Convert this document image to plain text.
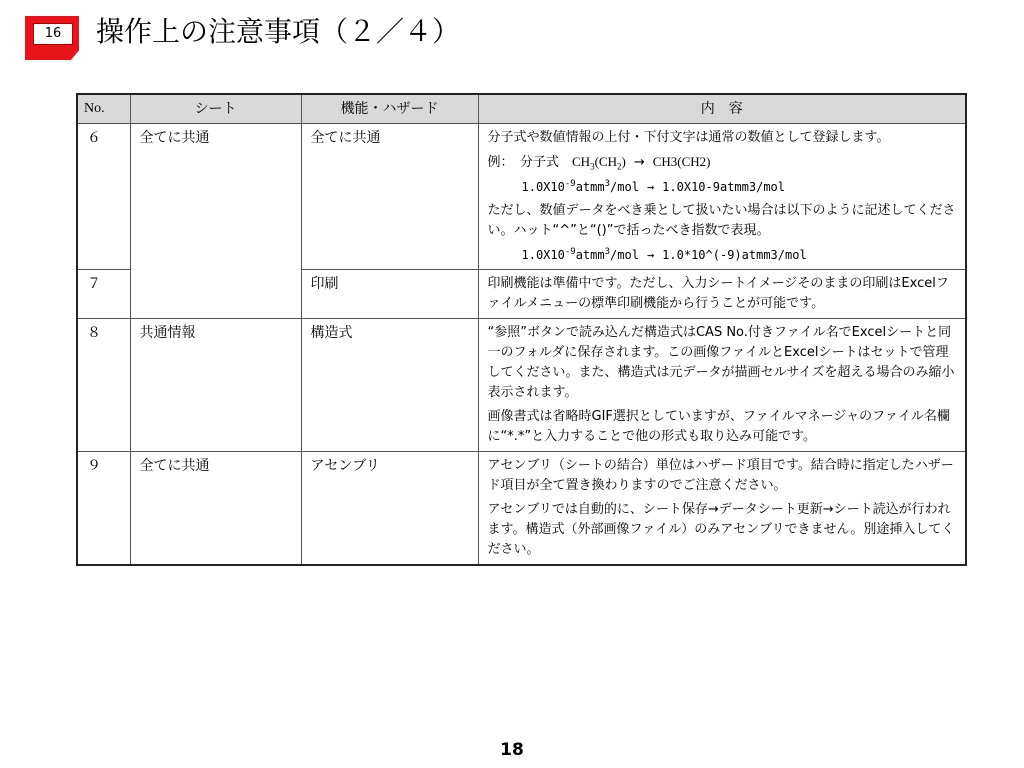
16	操作上の注意事項（２／４）
No.	シート	機能・ハザード	内　容
６	全てに共通	全てに共通	分子式や数値情報の上付・下付文字は通常の数値として登録します。

例：　分子式　$CH_3(CH_2) \to CH3(CH2)$

$1.0X10^{-9}atmm^3$/mol → 1.0X10-9atmm3/mol

ただし、数値データをべき乗として扱いたい場合は以下のように記述してください。ハット“^”と“()”で括ったべき指数で表現。

$1.0X10^{-9}atmm^3$/mol → 1.0*10^(-9)atmm3/mol

７		印刷	印刷機能は準備中です。ただし、入力シートイメージそのままの印刷はExcelファイルメニューの標準印刷機能から行うことが可能です。

８	共通情報	構造式	“参照”ボタンで読み込んだ構造式はCAS No.付きファイル名でExcelシートと同一のフォルダに保存されます。この画像ファイルとExcelシートはセットで管理してください。また、構造式は元データが描画セルサイズを超える場合のみ縮小表示されます。

画像書式は省略時GIF選択としていますが、ファイルマネージャのファイル名欄に“*.*”と入力することで他の形式も取り込み可能です。

９	全てに共通	アセンブリ	アセンブリ（シートの結合）単位はハザード項目です。結合時に指定したハザード項目が全て置き換わりますのでご注意ください。

アセンブリでは自動的に、シート保存→データシート更新→シート読込が行われます。構造式（外部画像ファイル）のみアセンブリできません。別途挿入してください。

18
